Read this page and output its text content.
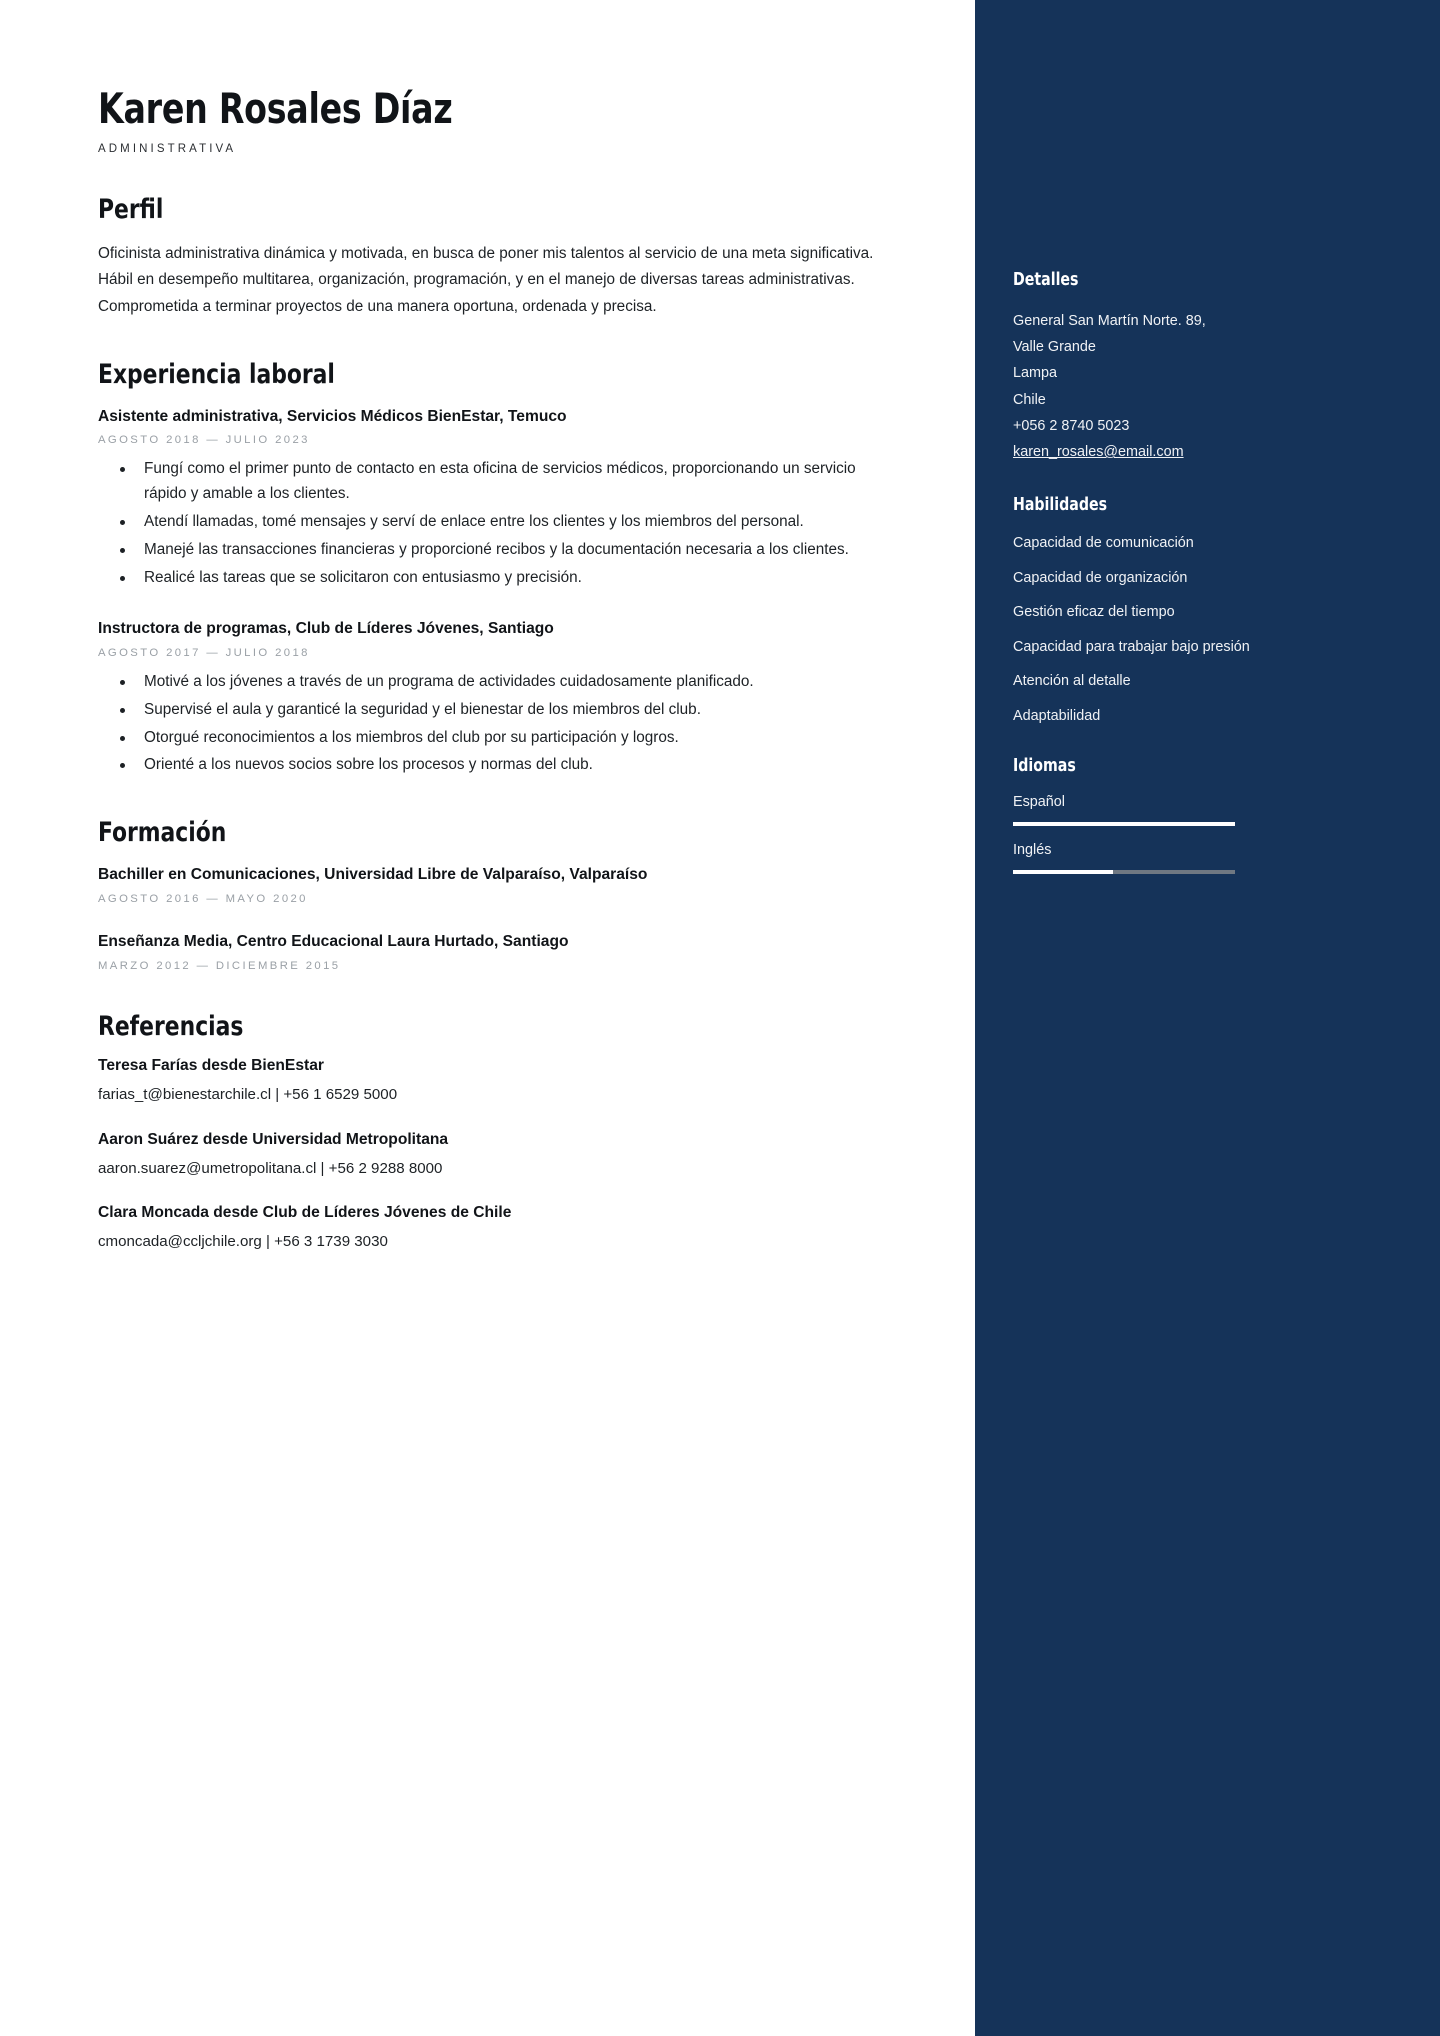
Karen Rosales Díaz
ADMINISTRATIVA
Perfil
Oficinista administrativa dinámica y motivada, en busca de poner mis talentos al servicio de una meta significativa. Hábil en desempeño multitarea, organización, programación, y en el manejo de diversas tareas administrativas. Comprometida a terminar proyectos de una manera oportuna, ordenada y precisa.
Experiencia laboral
Asistente administrativa, Servicios Médicos BienEstar, Temuco
AGOSTO 2018 — JULIO 2023
Fungí como el primer punto de contacto en esta oficina de servicios médicos, proporcionando un servicio rápido y amable a los clientes.
Atendí llamadas, tomé mensajes y serví de enlace entre los clientes y los miembros del personal.
Manejé las transacciones financieras y proporcioné recibos y la documentación necesaria a los clientes.
Realicé las tareas que se solicitaron con entusiasmo y precisión.
Instructora de programas, Club de Líderes Jóvenes, Santiago
AGOSTO 2017 — JULIO 2018
Motivé a los jóvenes a través de un programa de actividades cuidadosamente planificado.
Supervisé el aula y garanticé la seguridad y el bienestar de los miembros del club.
Otorgué reconocimientos a los miembros del club por su participación y logros.
Orienté a los nuevos socios sobre los procesos y normas del club.
Formación
Bachiller en Comunicaciones, Universidad Libre de Valparaíso, Valparaíso
AGOSTO 2016 — MAYO 2020
Enseñanza Media, Centro Educacional Laura Hurtado, Santiago
MARZO 2012 — DICIEMBRE 2015
Referencias
Teresa Farías desde BienEstar
farias_t@bienestarchile.cl | +56 1 6529 5000
Aaron Suárez desde Universidad Metropolitana
aaron.suarez@umetropolitana.cl | +56 2 9288 8000
Clara Moncada desde Club de Líderes Jóvenes de Chile
cmoncada@ccljchile.org | +56 3 1739 3030
Detalles
General San Martín Norte. 89,
Valle Grande
Lampa
Chile
+056 2 8740 5023
karen_rosales@email.com
Habilidades
Capacidad de comunicación
Capacidad de organización
Gestión eficaz del tiempo
Capacidad para trabajar bajo presión
Atención al detalle
Adaptabilidad
Idiomas
Español
Inglés
